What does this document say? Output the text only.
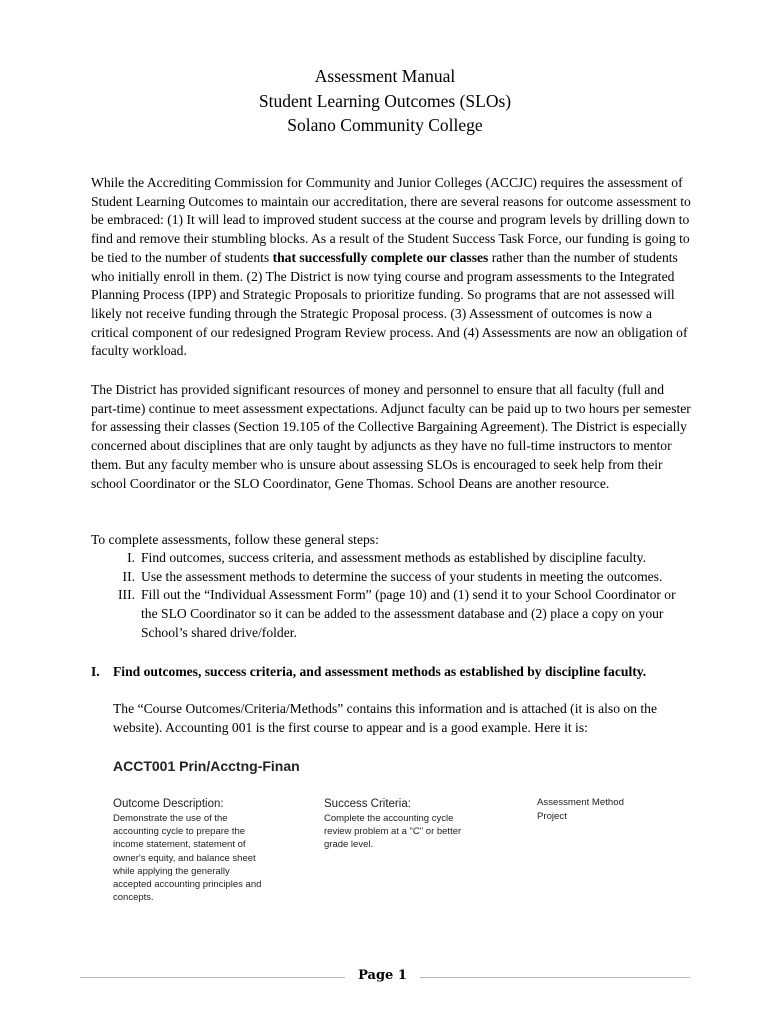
Assessment Manual
Student Learning Outcomes (SLOs)
Solano Community College

While the Accrediting Commission for Community and Junior Colleges (ACCJC) requires the assessment of Student Learning Outcomes to maintain our accreditation, there are several reasons for outcome assessment to be embraced: (1) It will lead to improved student success at the course and program levels by drilling down to find and remove their stumbling blocks. As a result of the Student Success Task Force, our funding is going to be tied to the number of students that successfully complete our classes rather than the number of students who initially enroll in them. (2) The District is now tying course and program assessments to the Integrated Planning Process (IPP) and Strategic Proposals to prioritize funding. So programs that are not assessed will likely not receive funding through the Strategic Proposal process. (3) Assessment of outcomes is now a critical component of our redesigned Program Review process. And (4) Assessments are now an obligation of faculty workload.

The District has provided significant resources of money and personnel to ensure that all faculty (full and part-time) continue to meet assessment expectations. Adjunct faculty can be paid up to two hours per semester for assessing their classes (Section 19.105 of the Collective Bargaining Agreement). The District is especially concerned about disciplines that are only taught by adjuncts as they have no full-time instructors to mentor them. But any faculty member who is unsure about assessing SLOs is encouraged to seek help from their school Coordinator or the SLO Coordinator, Gene Thomas. School Deans are another resource.

To complete assessments, follow these general steps:

I. Find outcomes, success criteria, and assessment methods as established by discipline faculty.
II. Use the assessment methods to determine the success of your students in meeting the outcomes.
III. Fill out the “Individual Assessment Form” (page 10) and (1) send it to your School Coordinator or the SLO Coordinator so it can be added to the assessment database and (2) place a copy on your School’s shared drive/folder.
I. Find outcomes, success criteria, and assessment methods as established by discipline faculty.

The “Course Outcomes/Criteria/Methods” contains this information and is attached (it is also on the website). Accounting 001 is the first course to appear and is a good example. Here it is:

ACCT001 Prin/Acctng-Finan
Outcome Description:
Demonstrate the use of the accounting cycle to prepare the income statement, statement of owner's equity, and balance sheet while applying the generally accepted accounting principles and concepts.
Success Criteria:
Complete the accounting cycle review problem at a "C" or better grade level.
Assessment Method
Project
Page 1
